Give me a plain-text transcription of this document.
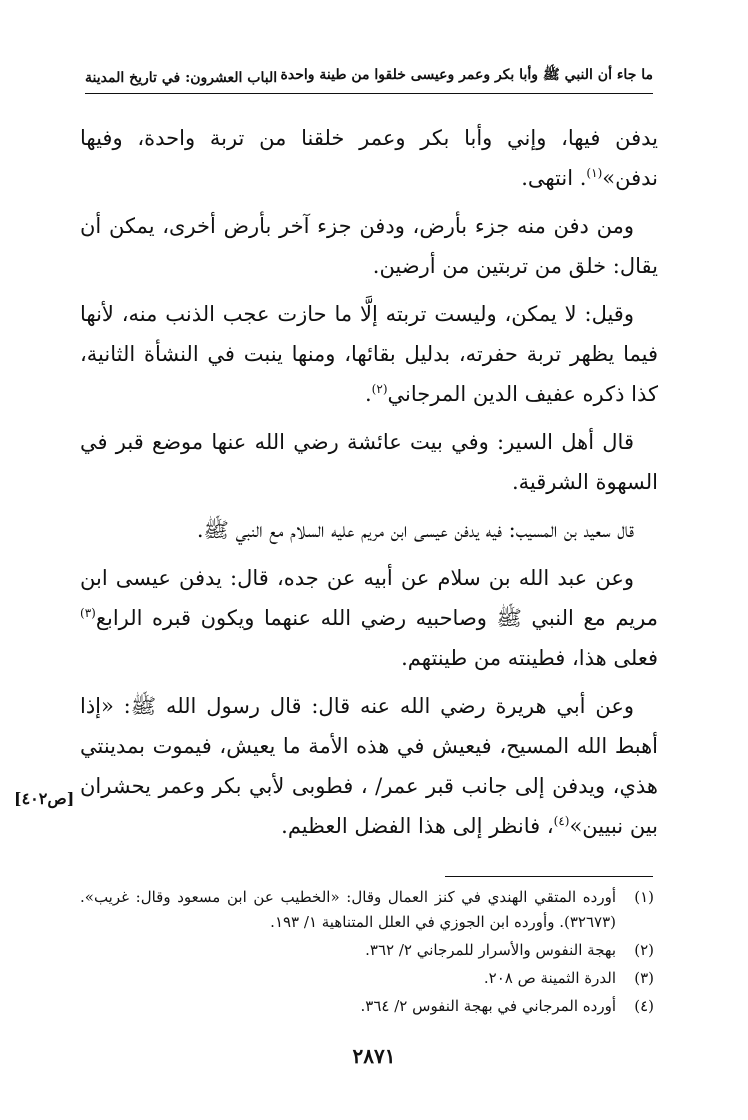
ما جاء أن النبي ﷺ وأبا بكر وعمر وعيسى خلقوا من طينة واحدة
الباب العشرون: في تاريخ المدينة

يدفن فيها، وإني وأبا بكر وعمر خلقنا من تربة واحدة، وفيها ندفن»$^{(١)}$. انتهى.

ومن دفن منه جزء بأرض، ودفن جزء آخر بأرض أخرى، يمكن أن يقال: خلق من تربتين من أرضين.

وقيل: لا يمكن، وليست تربته إلَّا ما حازت عجب الذنب منه، لأنها فيما يظهر تربة حفرته، بدليل بقائها، ومنها ينبت في النشأة الثانية، كذا ذكره عفيف الدين المرجاني$^{(٢)}$.

قال أهل السير: وفي بيت عائشة رضي الله عنها موضع قبر في السهوة الشرقية.

قال سعيد بن المسيب: فيه يدفن عيسى ابن مريم عليه السلام مع النبي ﷺ.

وعن عبد الله بن سلام عن أبيه عن جده، قال: يدفن عيسى ابن مريم مع النبي ﷺ وصاحبيه رضي الله عنهما ويكون قبره الرابع$^{(٣)}$ فعلى هذا، فطينته من طينتهم.

وعن أبي هريرة رضي الله عنه قال: قال رسول الله ﷺ: «إذا أهبط الله المسيح، فيعيش في هذه الأمة ما يعيش، فيموت بمدينتي هذي، ويدفن إلى جانب قبر عمر/ ، فطوبى لأبي بكر وعمر يحشران بين نبيين»$^{(٤)}$، فانظر إلى هذا الفضل العظيم.

[ص٤٠٢]
(١)
أورده المتقي الهندي في كنز العمال وقال: «الخطيب عن ابن مسعود وقال: غريب». (٣٢٦٧٣). وأورده ابن الجوزي في العلل المتناهية ١/ ١٩٣.
(٢)
بهجة النفوس والأسرار للمرجاني ٢/ ٣٦٢.
(٣)
الدرة الثمينة ص ٢٠٨.
(٤)
أورده المرجاني في بهجة النفوس ٢/ ٣٦٤.
٢٨٧١
